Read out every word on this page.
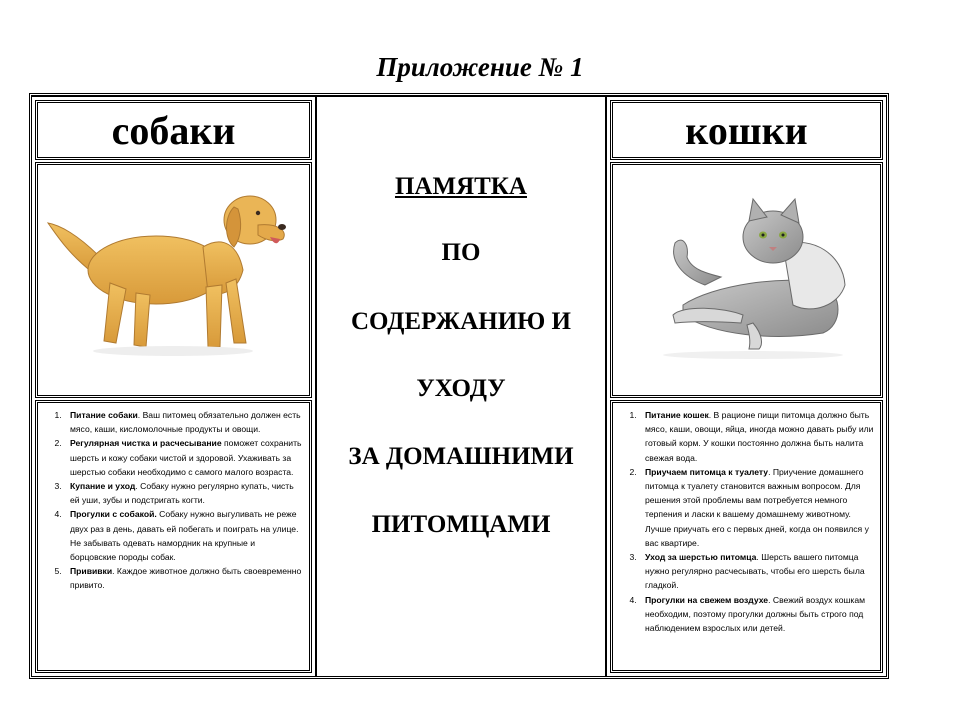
Приложение № 1
собаки
1. Питание собаки. Ваш питомец обязательно должен есть мясо, каши, кисломолочные продукты и овощи.
2. Регулярная чистка и расчесывание поможет сохранить шерсть и кожу собаки чистой и здоровой. Ухаживать за шерстью собаки необходимо с самого малого возраста.
3. Купание и уход. Собаку нужно регулярно купать, чисть ей уши, зубы и подстригать когти.
4. Прогулки с собакой. Собаку нужно выгуливать не реже двух раз в день, давать ей побегать и поиграть на улице. Не забывать одевать намордник на крупные и борцовские породы собак.
5. Прививки. Каждое животное должно быть своевременно привито.
ПАМЯТКА
ПО
СОДЕРЖАНИЮ И
УХОДУ
ЗА ДОМАШНИМИ
ПИТОМЦАМИ
кошки
1. Питание кошек. В рационе пищи питомца должно быть мясо, каши, овощи, яйца, иногда можно давать рыбу или готовый корм. У кошки постоянно должна быть налита свежая вода.
2. Приучаем питомца к туалету. Приучение домашнего питомца к туалету становится важным вопросом. Для решения этой проблемы вам потребуется немного терпения и ласки к вашему домашнему животному. Лучше приучать его с первых дней, когда он появился у вас квартире.
3. Уход за шерстью питомца. Шерсть вашего питомца нужно регулярно расчесывать, чтобы его шерсть была гладкой.
4. Прогулки на свежем воздухе. Свежий воздух кошкам необходим, поэтому прогулки должны быть строго под наблюдением взрослых или детей.
